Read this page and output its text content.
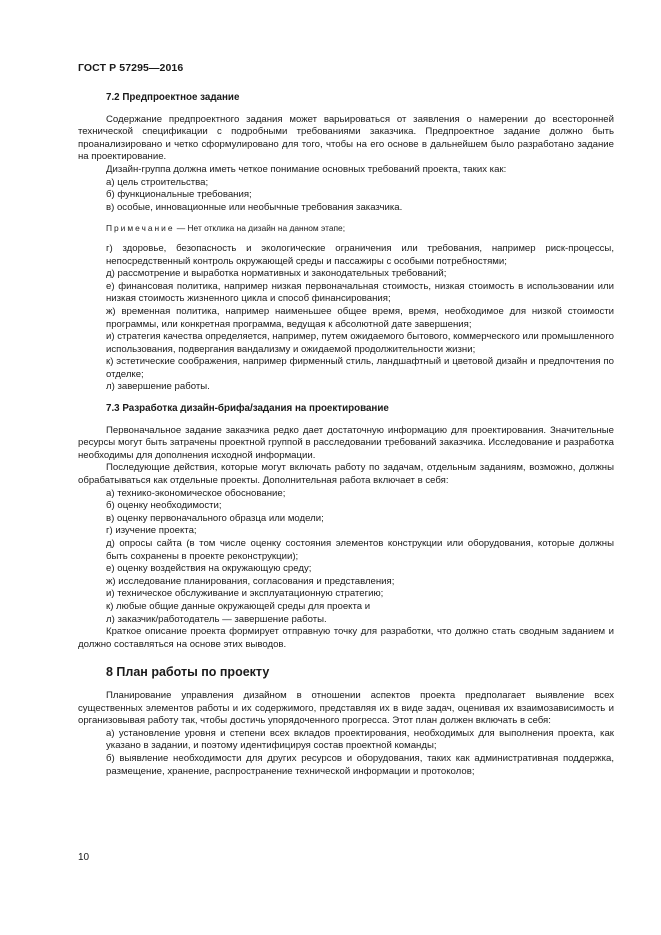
ГОСТ Р 57295—2016
7.2 Предпроектное задание

Содержание предпроектного задания может варьироваться от заявления о намерении до всесторонней технической спецификации с подробными требованиями заказчика. Предпроектное задание должно быть проанализировано и четко сформулировано для того, чтобы на его основе в дальнейшем было разработано задание на проектирование.

Дизайн-группа должна иметь четкое понимание основных требований проекта, таких как:

а) цель строительства;

б) функциональные требования;

в) особые, инновационные или необычные требования заказчика.

Примечание — Нет отклика на дизайн на данном этапе;

г) здоровье, безопасность и экологические ограничения или требования, например риск-процессы, непосредственный контроль окружающей среды и пассажиры с особыми потребностями;

д) рассмотрение и выработка нормативных и законодательных требований;

е) финансовая политика, например низкая первоначальная стоимость, низкая стоимость в использовании или низкая стоимость жизненного цикла и способ финансирования;

ж) временная политика, например наименьшее общее время, время, необходимое для низкой стоимости программы, или конкретная программа, ведущая к абсолютной дате завершения;

и) стратегия качества определяется, например, путем ожидаемого бытового, коммерческого или промышленного использования, подвергания вандализму и ожидаемой продолжительности жизни;

к) эстетические соображения, например фирменный стиль, ландшафтный и цветовой дизайн и предпочтения по отделке;

л) завершение работы.

7.3 Разработка дизайн-брифа/задания на проектирование

Первоначальное задание заказчика редко дает достаточную информацию для проектирования. Значительные ресурсы могут быть затрачены проектной группой в расследовании требований заказчика. Исследование и разработка необходимы для дополнения исходной информации.

Последующие действия, которые могут включать работу по задачам, отдельным заданиям, возможно, должны обрабатываться как отдельные проекты. Дополнительная работа включает в себя:

а) технико-экономическое обоснование;

б) оценку необходимости;

в) оценку первоначального образца или модели;

г) изучение проекта;

д) опросы сайта (в том числе оценку состояния элементов конструкции или оборудования, которые должны быть сохранены в проекте реконструкции);

е) оценку воздействия на окружающую среду;

ж) исследование планирования, согласования и представления;

и) техническое обслуживание и эксплуатационную стратегию;

к) любые общие данные окружающей среды для проекта и

л) заказчик/работодатель — завершение работы.

Краткое описание проекта формирует отправную точку для разработки, что должно стать сводным заданием и должно составляться на основе этих выводов.

8 План работы по проекту

Планирование управления дизайном в отношении аспектов проекта предполагает выявление всех существенных элементов работы и их содержимого, представляя их в виде задач, оценивая их взаимозависимость и организовывая работу так, чтобы достичь упорядоченного прогресса. Этот план должен включать в себя:

а) установление уровня и степени всех вкладов проектирования, необходимых для выполнения проекта, как указано в задании, и поэтому идентифицируя состав проектной команды;

б) выявление необходимости для других ресурсов и оборудования, таких как административная поддержка, размещение, хранение, распространение технической информации и протоколов;

10
